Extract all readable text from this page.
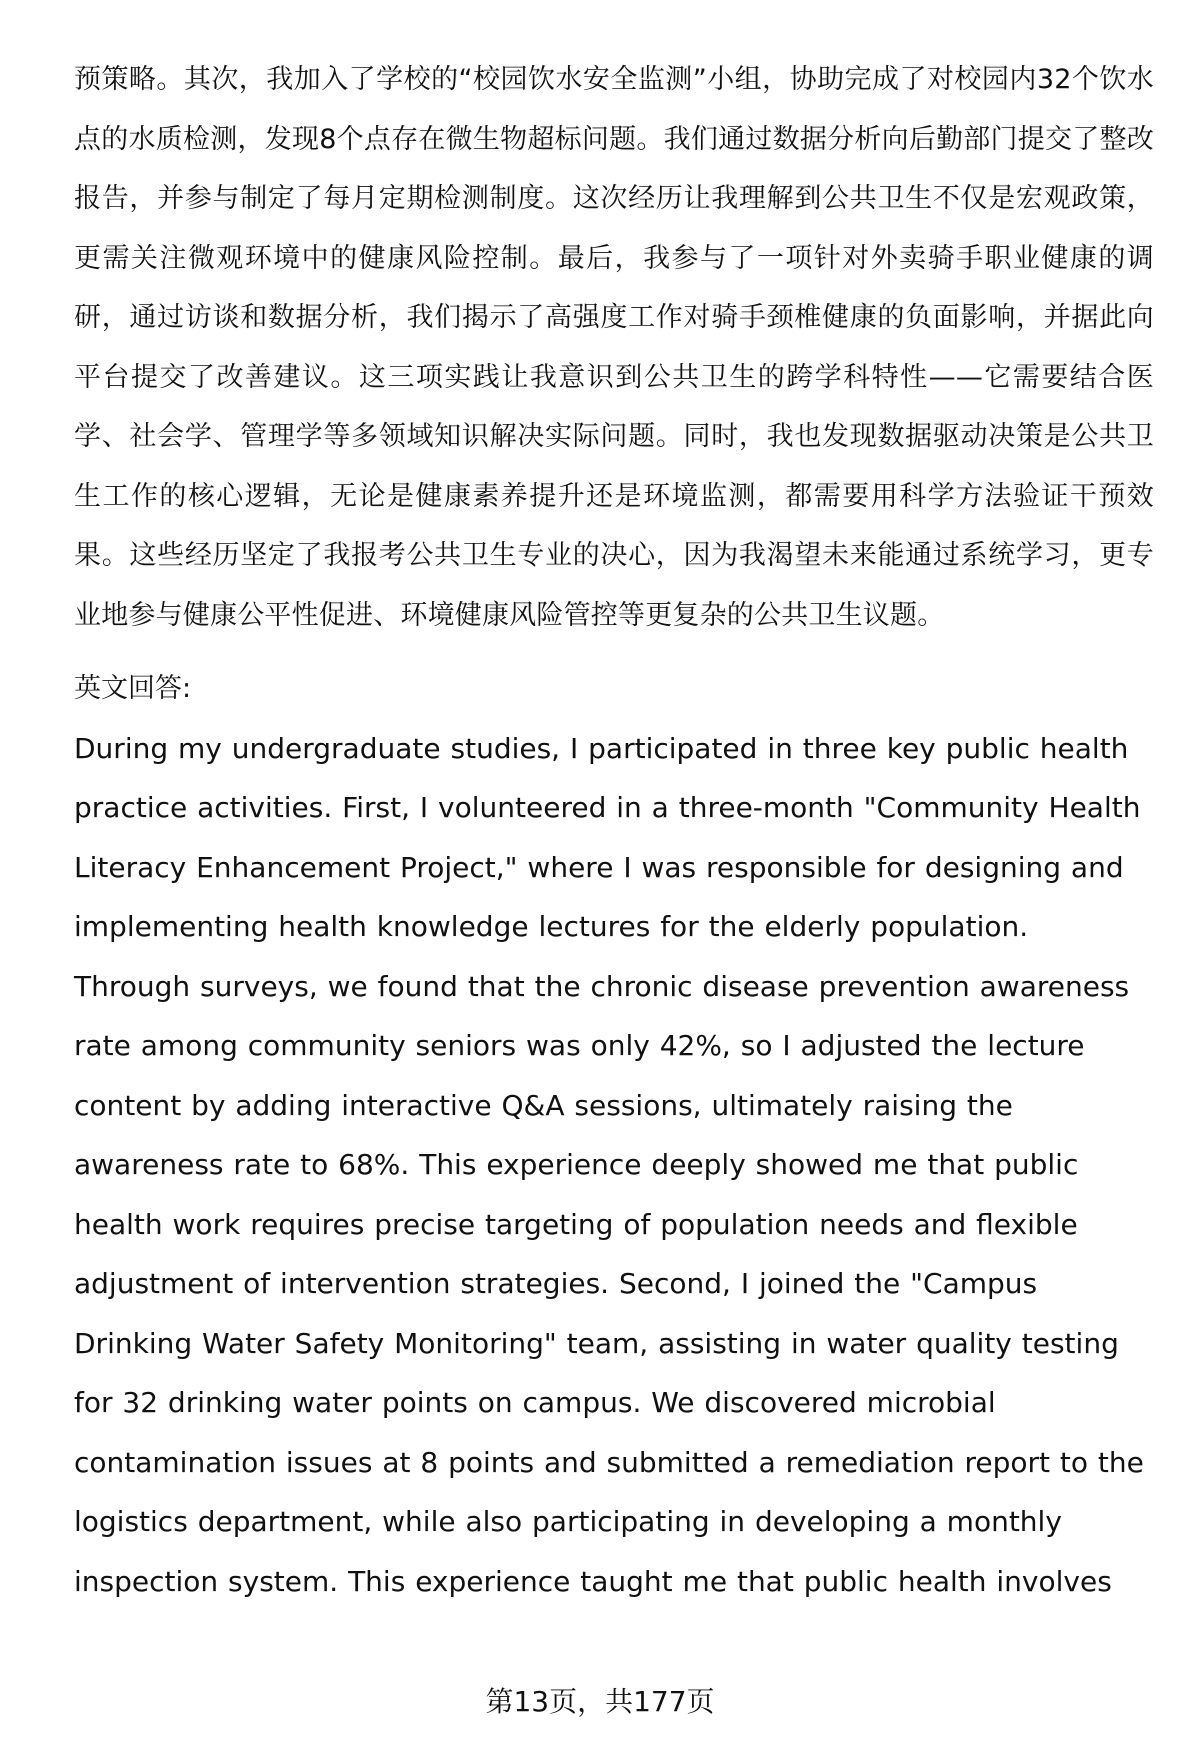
预策略。其次，我加入了学校的“校园饮水安全监测”小组，协助完成了对校园内32个饮水点的水质检测，发现8个点存在微生物超标问题。我们通过数据分析向后勤部门提交了整改报告，并参与制定了每月定期检测制度。这次经历让我理解到公共卫生不仅是宏观政策，更需关注微观环境中的健康风险控制。最后，我参与了一项针对外卖骑手职业健康的调研，通过访谈和数据分析，我们揭示了高强度工作对骑手颈椎健康的负面影响，并据此向平台提交了改善建议。这三项实践让我意识到公共卫生的跨学科特性——它需要结合医学、社会学、管理学等多领域知识解决实际问题。同时，我也发现数据驱动决策是公共卫生工作的核心逻辑，无论是健康素养提升还是环境监测，都需要用科学方法验证干预效果。这些经历坚定了我报考公共卫生专业的决心，因为我渴望未来能通过系统学习，更专业地参与健康公平性促进、环境健康风险管控等更复杂的公共卫生议题。

英文回答:

During my undergraduate studies, I participated in three key public health practice activities. First, I volunteered in a three-month "Community Health Literacy Enhancement Project," where I was responsible for designing and implementing health knowledge lectures for the elderly population. Through surveys, we found that the chronic disease prevention awareness rate among community seniors was only 42%, so I adjusted the lecture content by adding interactive Q&A sessions, ultimately raising the awareness rate to 68%. This experience deeply showed me that public health work requires precise targeting of population needs and flexible adjustment of intervention strategies. Second, I joined the "Campus Drinking Water Safety Monitoring" team, assisting in water quality testing for 32 drinking water points on campus. We discovered microbial contamination issues at 8 points and submitted a remediation report to the logistics department, while also participating in developing a monthly inspection system. This experience taught me that public health involves

第13页，共177页
